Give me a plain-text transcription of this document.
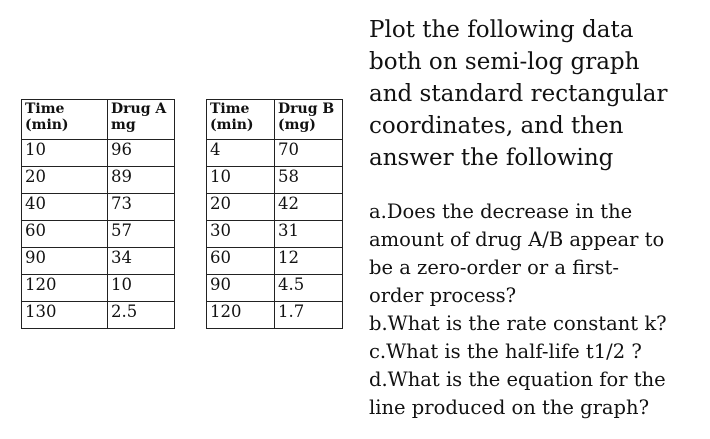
Time
(min)	Drug A
mg

10	96
20	89
40	73
60	57
90	34
120	10
130	2.5
Time
(min)	Drug B
(mg)

4	70
10	58
20	42
30	31
60	12
90	4.5
120	1.7
Plot the following data
both on semi-log graph
and standard rectangular
coordinates, and then
answer the following
a.Does the decrease in the
amount of drug A/B appear to
be a zero-order or a first-
order process?
b.What is the rate constant k?
c.What is the half-life t1/2 ?
d.What is the equation for the
line produced on the graph?
